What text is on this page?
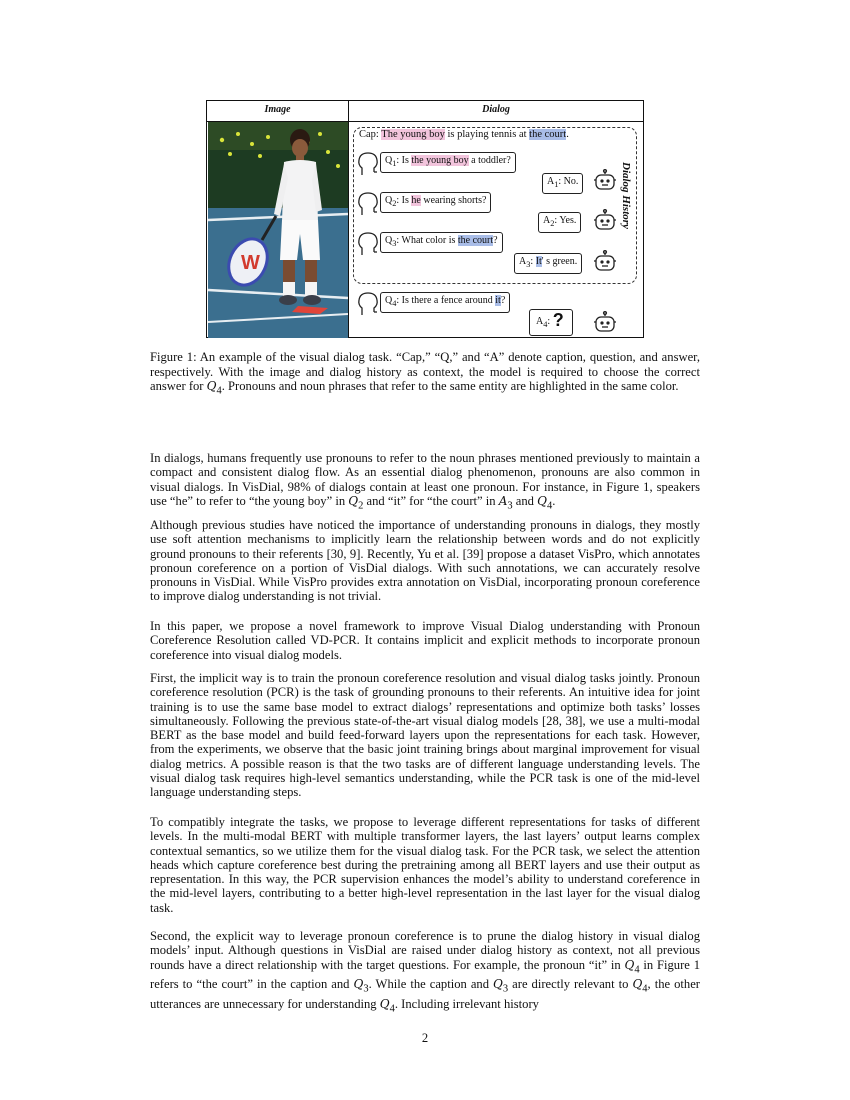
Image	Dialog
W
Dialog History
Cap: The young boy is playing tennis at the court.
$Q_1$: Is the young boy a toddler?
$A_1$: No.
$Q_2$: Is he wearing shorts?
$A_2$: Yes.
$Q_3$: What color is the court?
$A_3$: It' s green.
$Q_4$: Is there a fence around it?
$A_4$: ?
Figure 1: An example of the visual dialog task. “Cap,” “Q,” and “A” denote caption, question, and answer, respectively. With the image and dialog history as context, the model is required to choose the correct answer for $Q_4$. Pronouns and noun phrases that refer to the same entity are highlighted in the same color.

In dialogs, humans frequently use pronouns to refer to the noun phrases mentioned previously to maintain a compact and consistent dialog flow. As an essential dialog phenomenon, pronouns are also common in visual dialogs. In VisDial, 98% of dialogs contain at least one pronoun. For instance, in Figure 1, speakers use “he” to refer to “the young boy” in $Q_2$ and “it” for “the court” in $A_3$ and $Q_4$.

Although previous studies have noticed the importance of understanding pronouns in dialogs, they mostly use soft attention mechanisms to implicitly learn the relationship between words and do not explicitly ground pronouns to their referents [30, 9]. Recently, Yu et al. [39] propose a dataset VisPro, which annotates pronoun coreference on a portion of VisDial dialogs. With such annotations, we can accurately resolve pronouns in VisDial. While VisPro provides extra annotation on VisDial, incorporating pronoun coreference to improve dialog understanding is not trivial.

In this paper, we propose a novel framework to improve Visual Dialog understanding with Pronoun Coreference Resolution called VD-PCR. It contains implicit and explicit methods to incorporate pronoun coreference into visual dialog models.

First, the implicit way is to train the pronoun coreference resolution and visual dialog tasks jointly. Pronoun coreference resolution (PCR) is the task of grounding pronouns to their referents. An intuitive idea for joint training is to use the same base model to extract dialogs’ representations and optimize both tasks’ losses simultaneously. Following the previous state-of-the-art visual dialog models [28, 38], we use a multi-modal BERT as the base model and build feed-forward layers upon the representations for each task. However, from the experiments, we observe that the basic joint training brings about marginal improvement for visual dialog metrics. A possible reason is that the two tasks are of different language understanding levels. The visual dialog task requires high-level semantics understanding, while the PCR task is one of the mid-level language understanding steps.

To compatibly integrate the tasks, we propose to leverage different representations for tasks of different levels. In the multi-modal BERT with multiple transformer layers, the last layers’ output learns complex contextual semantics, so we utilize them for the visual dialog task. For the PCR task, we select the attention heads which capture coreference best during the pretraining among all BERT layers and use their output as representation. In this way, the PCR supervision enhances the model’s ability to understand coreference in the mid-level layers, contributing to a better high-level representation in the last layer for the visual dialog task.

Second, the explicit way to leverage pronoun coreference is to prune the dialog history in visual dialog models’ input. Although questions in VisDial are raised under dialog history as context, not all previous rounds have a direct relationship with the target questions. For example, the pronoun “it” in $Q_4$ in Figure 1 refers to “the court” in the caption and $Q_3$. While the caption and $Q_3$ are directly relevant to $Q_4$, the other utterances are unnecessary for understanding $Q_4$. Including irrelevant history

2
